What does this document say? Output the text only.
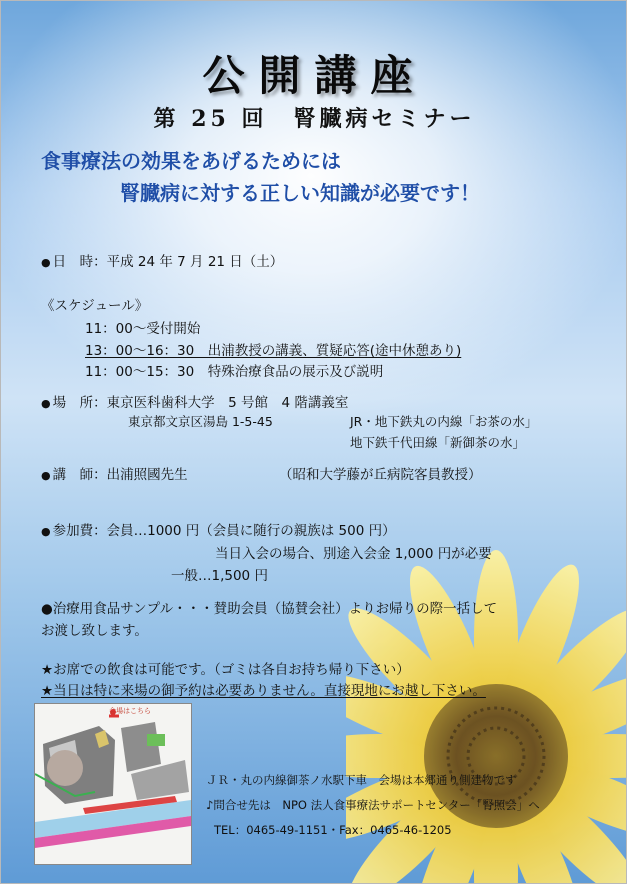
公開講座
第 25 回　腎臓病セミナー
食事療法の効果をあげるためには
腎臓病に対する正しい知識が必要です！
● 日　時：平成 24 年 7 月 21 日（土）
《スケジュール》
11：00〜受付開始
13：00〜16：30　出浦教授の講義、質疑応答(途中休憩あり)
11：00〜15：30　特殊治療食品の展示及び説明
● 場　所：東京医科歯科大学　5 号館　4 階講義室
東京都文京区湯島 1-5-45	JR・地下鉄丸の内線「お茶の水」
地下鉄千代田線「新御茶の水」
● 講　師：出浦照國先生	（昭和大学藤が丘病院客員教授）
● 参加費：会員…1000 円（会員に随行の親族は 500 円）
当日入会の場合、別途入会金 1,000 円が必要
一般…1,500 円
●治療用食品サンプル・・・賛助会員（協賛会社）よりお帰りの際一括して
お渡し致します。
★お席での飲食は可能です。（ゴミは各自お持ち帰り下さい）
★当日は特に来場の御予約は必要ありません。直接現地にお越し下さい。
会場はこちら
ＪＲ・丸の内線御茶ノ水駅下車　会場は本郷通り側建物です
♪問合せ先は　NPO 法人食事療法サポートセンター「腎照会」へ
TEL：0465-49-1151・Fax：0465-46-1205
